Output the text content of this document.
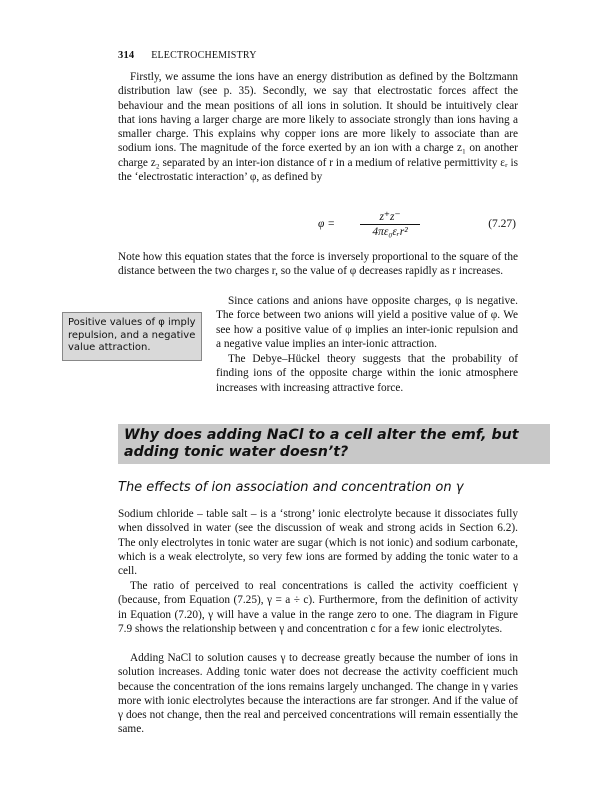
314 ELECTROCHEMISTRY

Firstly, we assume the ions have an energy distribution as defined by the Boltzmann distribution law (see p. 35). Secondly, we say that electrostatic forces affect the behaviour and the mean positions of all ions in solution. It should be intuitively clear that ions having a larger charge are more likely to associate strongly than ions having a smaller charge. This explains why copper ions are more likely to associate than are sodium ions. The magnitude of the force exerted by an ion with a charge z₁ on another charge z₂ separated by an inter-ion distance of r in a medium of relative permittivity εᵣ is the ‘electrostatic interaction’ φ, as defined by

φ =
z⁺z⁻
4πε₀εᵣr²
(7.27)

Note how this equation states that the force is inversely proportional to the square of the distance between the two charges r, so the value of φ decreases rapidly as r increases.

Since cations and anions have opposite charges, φ is negative. The force between two anions will yield a positive value of φ. We see how a positive value of φ implies an inter-ionic repulsion and a negative value implies an inter-ionic attraction.

The Debye–Hückel theory suggests that the probability of finding ions of the opposite charge within the ionic atmosphere increases with increasing attractive force.

Positive values of φ imply repulsion, and a negative value attraction.
Why does adding NaCl to a cell alter the emf, but adding tonic water doesn’t?
The effects of ion association and concentration on γ

Sodium chloride – table salt – is a ‘strong’ ionic electrolyte because it dissociates fully when dissolved in water (see the discussion of weak and strong acids in Section 6.2). The only electrolytes in tonic water are sugar (which is not ionic) and sodium carbonate, which is a weak electrolyte, so very few ions are formed by adding the tonic water to a cell.

The ratio of perceived to real concentrations is called the activity coefficient γ (because, from Equation (7.25), γ = a ÷ c). Furthermore, from the definition of activity in Equation (7.20), γ will have a value in the range zero to one. The diagram in Figure 7.9 shows the relationship between γ and concentration c for a few ionic electrolytes.

Adding NaCl to solution causes γ to decrease greatly because the number of ions in solution increases. Adding tonic water does not decrease the activity coefficient much because the concentration of the ions remains largely unchanged. The change in γ varies more with ionic electrolytes because the interactions are far stronger. And if the value of γ does not change, then the real and perceived concentrations will remain essentially the same.
